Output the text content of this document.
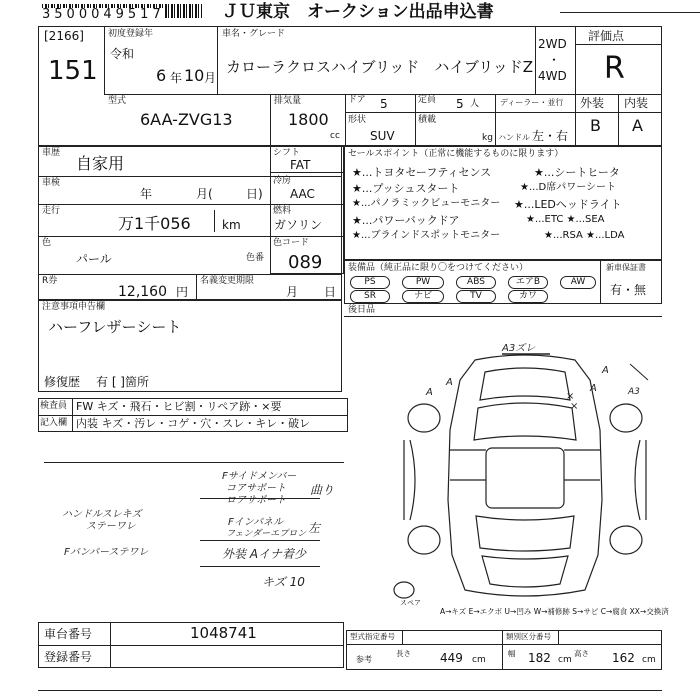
3500049517	ＪＵ東京　オークション出品申込書
[2166]
151
初度登録年
令和
6 年 10 月
車名・グレード
カローラクロスハイブリッド　ハイブリッドZ
2WD
・
4WD
評価点
R
型式
6AA-ZVG13
排気量
1800
cc
ドア 5	定員 5 人	ディーラー・並行
形状
SUV
積載
kg ハンドル 左・右
外装 内装
B A
車歴
自家用
車検
年	月(	日)
走行
万1千056	km
色
パール	色番
R券
12,160 円
名義変更期限
月 日
シフト
FAT
冷房
AAC
燃料
ガソリン
色コード
089
セールスポイント（正常に機能するものに限ります）
★...トヨタセーフティセンス
★...プッシュスタート
★...パノラミックビューモニター
★...パワーバックドア
★...ブラインドスポットモニター
★...シートヒータ
★...D席パワーシート
★...LEDヘッドライト
★...ETC ★...SEA
★...RSA ★...LDA
装備品（純正品に限り〇をつけてください）	新車保証書
有・無
PS	PW	ABS	エアB	AW
SR	ナビ	TV	カワ
後日品
注意事項申告欄
ハーフレザーシート
修復歴 有 [ ]箇所
検査員
記入欄
FW キズ・飛石・ヒビ割・リペア跡・×要
内装 キズ・汚レ・コゲ・穴・スレ・キレ・破レ
ハンドルスレキズ
ステーワレ
Fバンパーステワレ
Fサイドメンバー
コアサポート
ロアサポート
曲り
Fインパネル
フェンダーエプロン 左
外装 Aイナ着少
キズ 10
A3ズレ
A
A
A
A
×
×
A3
スペア
A→キズ E→エクボ U→凹み W→補修跡 S→サビ C→腐食 XX→交換済
車台番号	1048741
登録番号
型式指定番号	類別区分番号
参考
長さ 449 cm
幅 182 cm
高さ 162 cm
